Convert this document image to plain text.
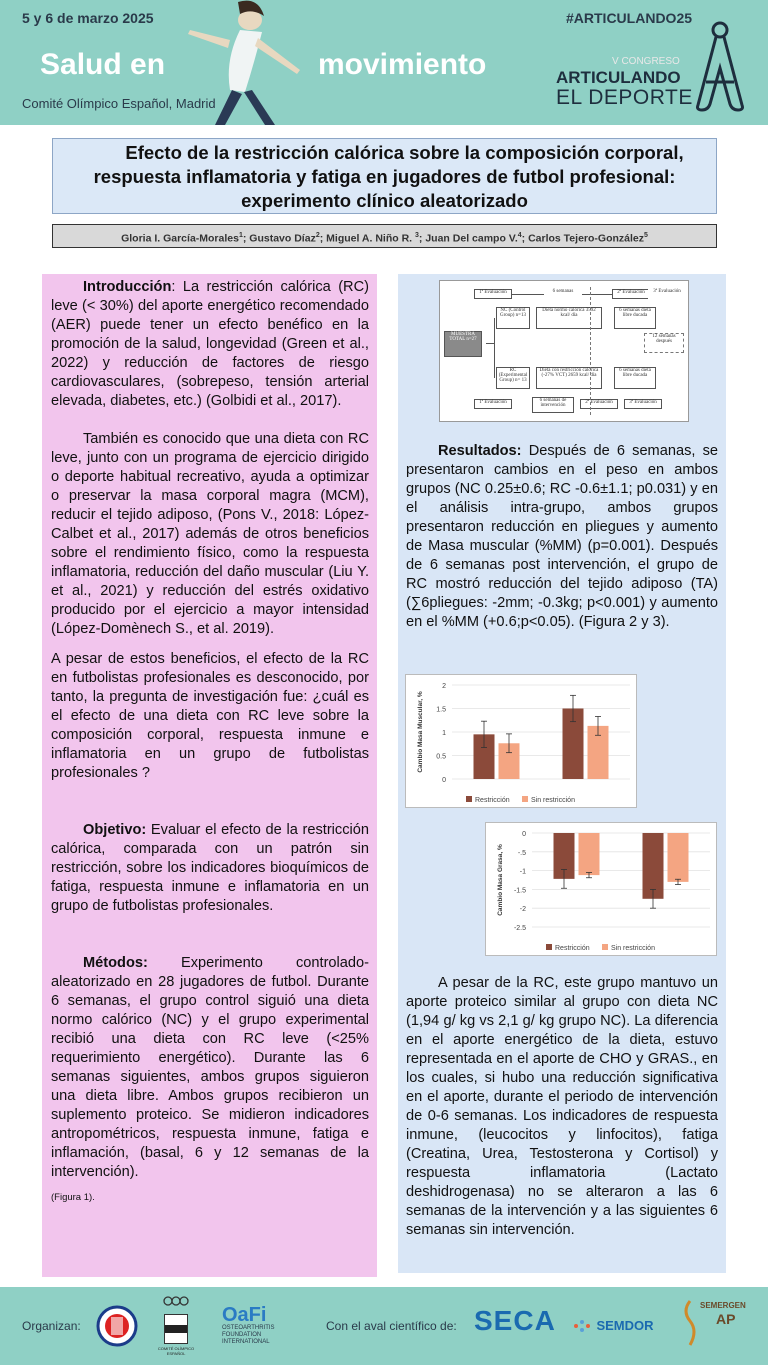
5 y 6 de marzo 2025	#ARTICULANDO25
Salud en	movimiento
Comité Olímpico Español, Madrid
V CONGRESO
ARTICULANDO
EL DEPORTE
Efecto de la restricción calórica sobre la composición corporal,
respuesta inflamatoria y fatiga en jugadores de futbol profesional:
experimento clínico aleatorizado
Gloria I. García-Morales$^1$; Gustavo Díaz$^2$; Miguel A. Niño R. $^3$; Juan Del campo V.$^4$; Carlos Tejero-González$^5$

Introducción: La restricción calórica (RC) leve (< 30%) del aporte energético recomendado (AER) puede tener un efecto benéfico en la promoción de la salud, longevidad (Green et al., 2022) y reducción de factores de riesgo cardiovasculares, (sobrepeso, tensión arterial elevada, diabetes, etc.) (Golbidi et al., 2017).

También es conocido que una dieta con RC leve, junto con un programa de ejercicio dirigido o deporte habitual recreativo, ayuda a optimizar o preservar la masa corporal magra (MCM), reducir el tejido adiposo, (Pons V., 2018: López-Calbet et al., 2017) además de otros beneficios sobre el rendimiento físico, como la respuesta inflamatoria, reducción del daño muscular (Liu Y. et al., 2021) y reducción del estrés oxidativo producido por el ejercicio a mayor intensidad (López-Domènech S., et al. 2019).

A pesar de estos beneficios, el efecto de la RC en futbolistas profesionales es desconocido, por tanto, la pregunta de investigación fue: ¿cuál es el efecto de una dieta con RC leve sobre la composición corporal, respuesta inmune e inflamatoria en un grupo de futbolistas profesionales ?

Objetivo: Evaluar el efecto de la restricción calórica, comparada con un patrón sin restricción, sobre los indicadores bioquímicos de fatiga, respuesta inmune e inflamatoria en un grupo de futbolistas profesionales.

Métodos: Experimento controlado-aleatorizado en 28 jugadores de futbol. Durante 6 semanas, el grupo control siguió una dieta normo calórico (NC) y el grupo experimental recibió una dieta con RC leve (<25% requerimiento energético). Durante las 6 semanas siguientes, ambos grupos siguieron una dieta libre. Ambos grupos recibieron un suplemento proteico. Se midieron indicadores antropométricos, respuesta inmune, fatiga e inflamación, (basal, 6 y 12 semanas de la intervención).

(Figura 1).

1ª Evaluación	6 semanas	2ª Evaluación	3ª Evaluación
MUESTRA TOTAL n=27
NC (Control Group) n=13
Dieta normo calórica 3592 kcal/ día
6 semanas dieta libre ducada
12 semanas después
RC (Experimental Group) n= 13
Dieta con restricción calórica (-27% VCT) 2659 kcal/ día
6 semanas dieta libre ducada
1ª Evaluación	6 semanas de intervención
2ª Evaluación	3ª Evaluación

Resultados: Después de 6 semanas, se presentaron cambios en el peso en ambos grupos (NC 0.25±0.6; RC -0.6±1.1; p0.031) y en el análisis intra-grupo, ambos grupos presentaron reducción en pliegues y aumento de Masa muscular (%MM) (p=0.001). Después de 6 semanas post intervención, el grupo de RC mostró reducción del tejido adiposo (TA) (∑6pliegues: -2mm; -0.3kg; p<0.001) y aumento en el %MM (+0.6;p<0.05). (Figura 2 y 3).

0
0.5
1
1.5
2
Cambio Masa Muscular, %
Restricción	Sin restricción
0
-.5
-1
-1.5
-2
-2.5
Cambio Masa Grasa, %
Restricción	Sin restricción

A pesar de la RC, este grupo mantuvo un aporte proteico similar al grupo con dieta NC (1,94 g/ kg vs 2,1 g/ kg grupo NC). La diferencia en el aporte energético de la dieta, estuvo representada en el aporte de CHO y GRAS., en los cuales, si hubo una reducción significativa en el aporte, durante el periodo de intervención de 0-6 semanas. Los indicadores de respuesta inmune, (leucocitos y linfocitos), fatiga (Creatina, Urea, Testosterona y Cortisol) y respuesta inflamatoria (Lactato deshidrogenasa) no se alteraron a las 6 semanas de la intervención y a las siguientes 6 semanas sin intervención.

Organizan:
COMITÉ OLÍMPICO ESPAÑOL
OaFi
OSTEOARTHRITIS FOUNDATION INTERNATIONAL
Con el aval científico de: SECA	SEMDOR
SEMERGEN
AP
